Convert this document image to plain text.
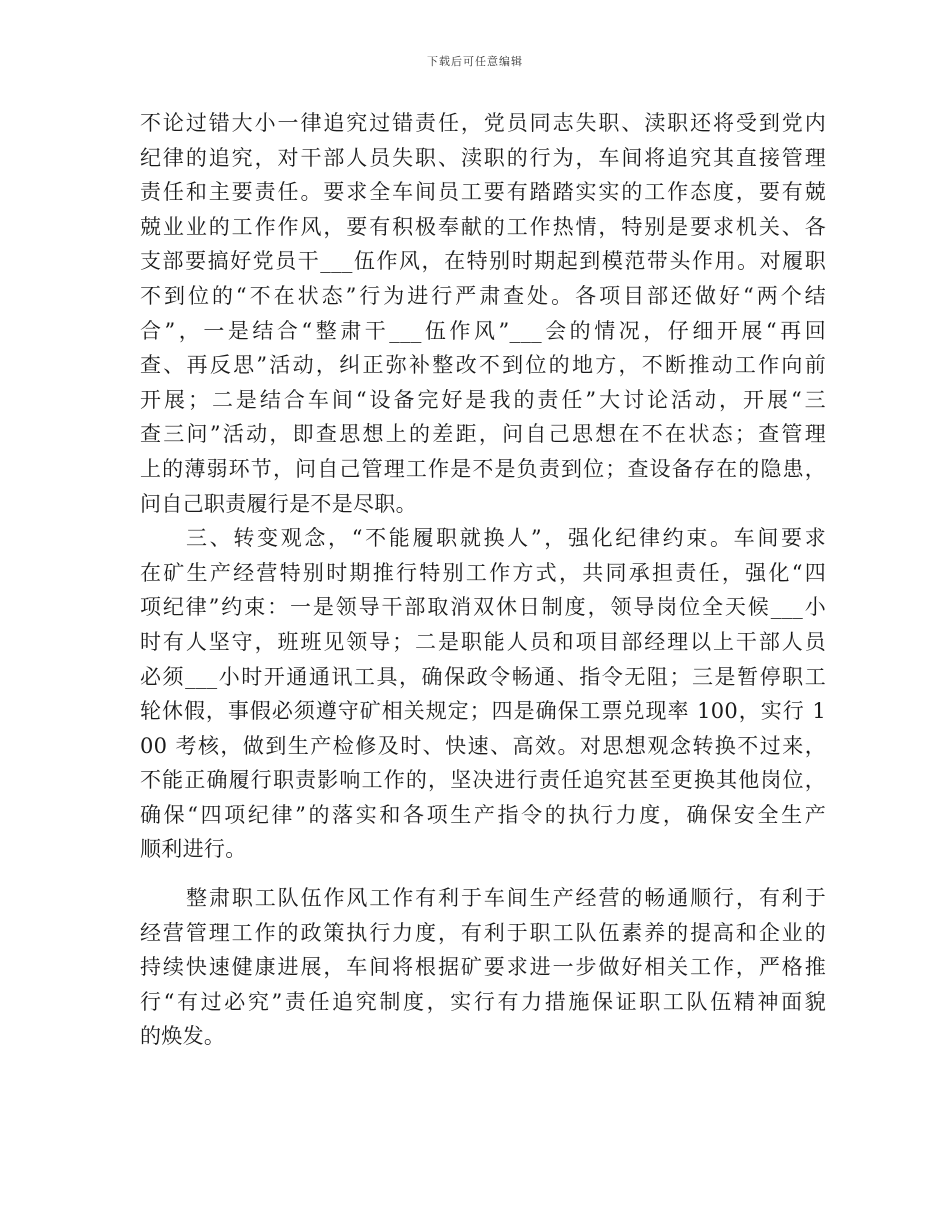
下载后可任意编辑
不论过错大小一律追究过错责任，党员同志失职、渎职还将受到党内
纪律的追究，对干部人员失职、渎职的行为，车间将追究其直接管理
责任和主要责任。要求全车间员工要有踏踏实实的工作态度，要有兢
兢业业的工作作风，要有积极奉献的工作热情，特别是要求机关、各
支部要搞好党员干___伍作风，在特别时期起到模范带头作用。对履职
不到位的“不在状态”行为进行严肃查处。各项目部还做好“两个结
合”，一是结合“整肃干___伍作风”___会的情况，仔细开展“再回
查、再反思”活动，纠正弥补整改不到位的地方，不断推动工作向前
开展；二是结合车间“设备完好是我的责任”大讨论活动，开展“三
查三问”活动，即查思想上的差距，问自己思想在不在状态；查管理
上的薄弱环节，问自己管理工作是不是负责到位；查设备存在的隐患，
问自己职责履行是不是尽职。
三、转变观念，“不能履职就换人”，强化纪律约束。车间要求
在矿生产经营特别时期推行特别工作方式，共同承担责任，强化“四
项纪律”约束：一是领导干部取消双休日制度，领导岗位全天候___小
时有人坚守，班班见领导；二是职能人员和项目部经理以上干部人员
必须___小时开通通讯工具，确保政令畅通、指令无阻；三是暂停职工
轮休假，事假必须遵守矿相关规定；四是确保工票兑现率 100，实行 1
00 考核，做到生产检修及时、快速、高效。对思想观念转换不过来，
不能正确履行职责影响工作的，坚决进行责任追究甚至更换其他岗位，
确保“四项纪律”的落实和各项生产指令的执行力度，确保安全生产
顺利进行。
整肃职工队伍作风工作有利于车间生产经营的畅通顺行，有利于
经营管理工作的政策执行力度，有利于职工队伍素养的提高和企业的
持续快速健康进展，车间将根据矿要求进一步做好相关工作，严格推
行“有过必究”责任追究制度，实行有力措施保证职工队伍精神面貌
的焕发。
